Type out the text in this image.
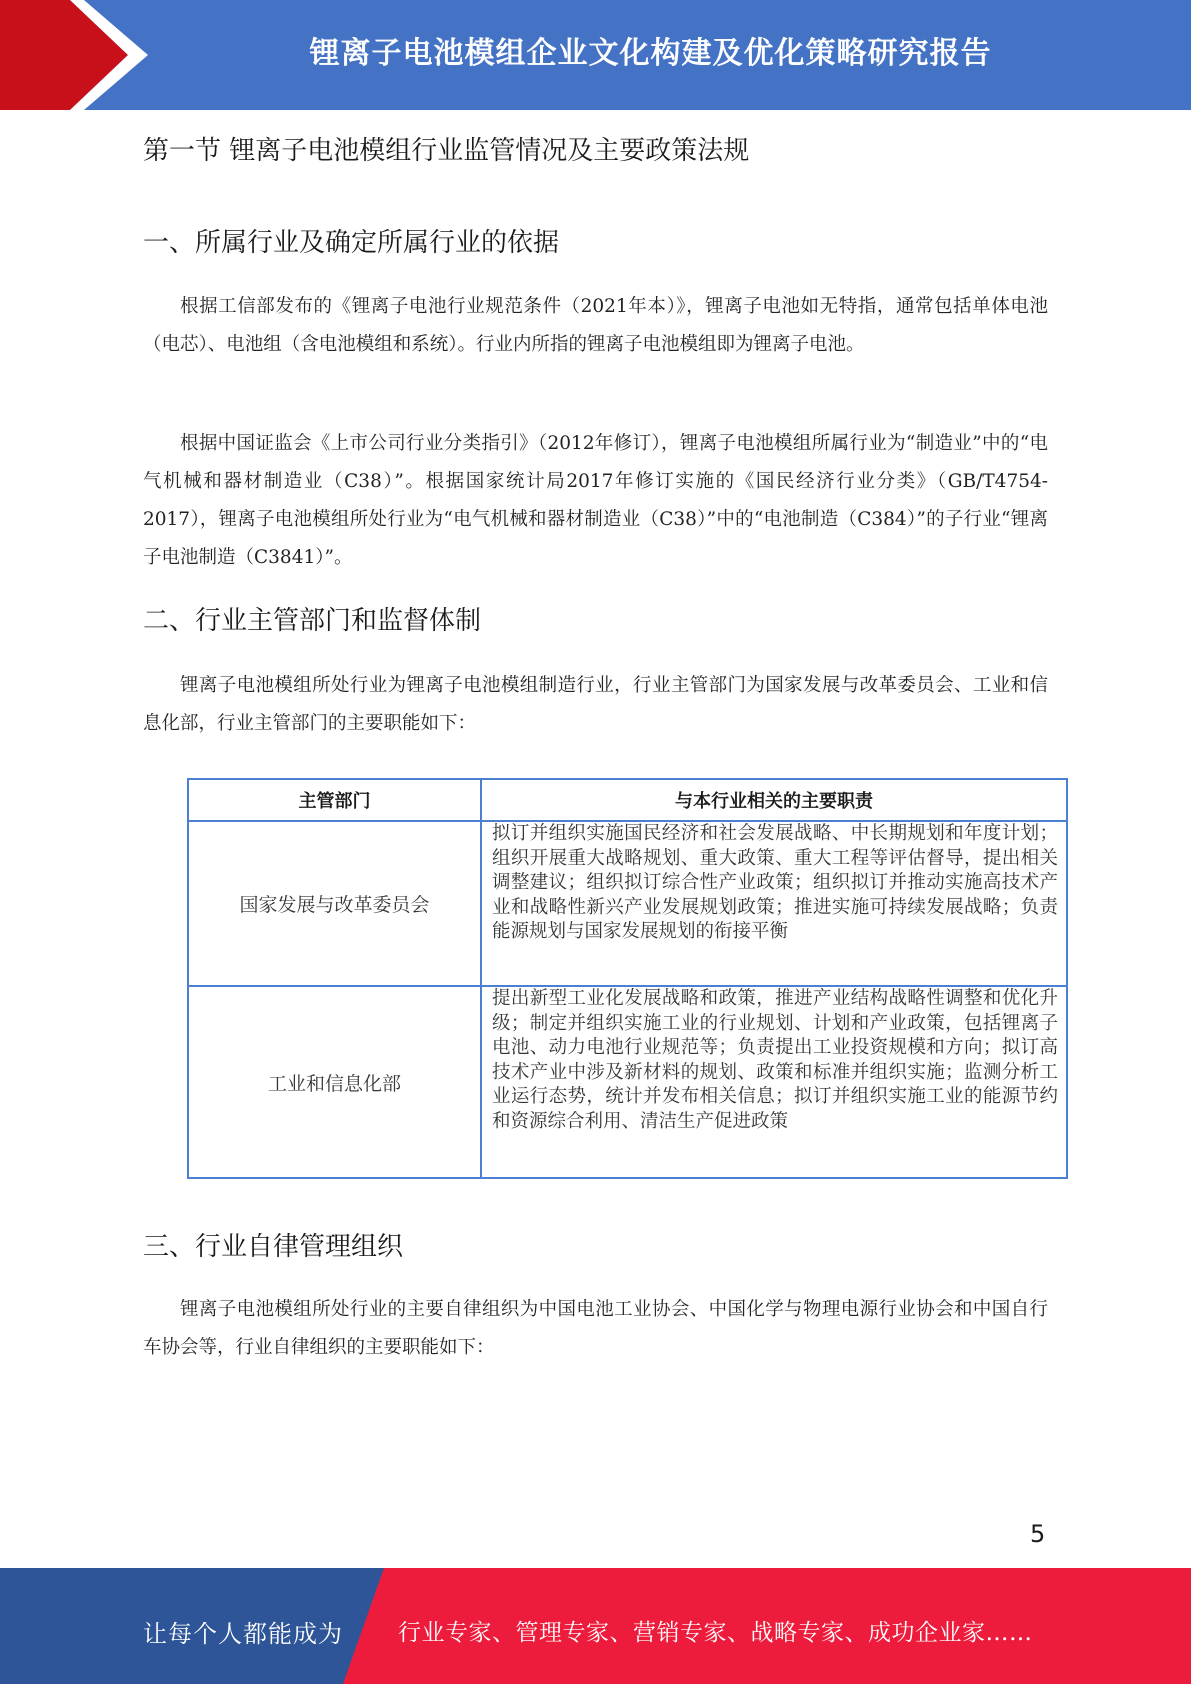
锂离子电池模组企业文化构建及优化策略研究报告
第一节 锂离子电池模组行业监管情况及主要政策法规
一、所属行业及确定所属行业的依据
根据工信部发布的《锂离子电池行业规范条件（2021年本）》，锂离子电池如无特指，通常包括单体电池（电芯）、电池组（含电池模组和系统）。行业内所指的锂离子电池模组即为锂离子电池。
根据中国证监会《上市公司行业分类指引》（2012年修订），锂离子电池模组所属行业为“制造业”中的“电气机械和器材制造业（C38）”。根据国家统计局2017年修订实施的《国民经济行业分类》（GB/T4754-2017），锂离子电池模组所处行业为“电气机械和器材制造业（C38）”中的“电池制造（C384）”的子行业“锂离子电池制造（C3841）”。
二、行业主管部门和监督体制
锂离子电池模组所处行业为锂离子电池模组制造行业，行业主管部门为国家发展与改革委员会、工业和信息化部，行业主管部门的主要职能如下：
主管部门	与本行业相关的主要职责
国家发展与改革委员会	拟订并组织实施国民经济和社会发展战略、中长期规划和年度计划；组织开展重大战略规划、重大政策、重大工程等评估督导，提出相关调整建议；组织拟订综合性产业政策；组织拟订并推动实施高技术产业和战略性新兴产业发展规划政策；推进实施可持续发展战略；负责能源规划与国家发展规划的衔接平衡
工业和信息化部	提出新型工业化发展战略和政策，推进产业结构战略性调整和优化升级；制定并组织实施工业的行业规划、计划和产业政策，包括锂离子电池、动力电池行业规范等；负责提出工业投资规模和方向；拟订高技术产业中涉及新材料的规划、政策和标准并组织实施；监测分析工业运行态势，统计并发布相关信息；拟订并组织实施工业的能源节约和资源综合利用、清洁生产促进政策
三、行业自律管理组织
锂离子电池模组所处行业的主要自律组织为中国电池工业协会、中国化学与物理电源行业协会和中国自行车协会等，行业自律组织的主要职能如下：
5
让每个人都能成为 行业专家、管理专家、营销专家、战略专家、成功企业家……
